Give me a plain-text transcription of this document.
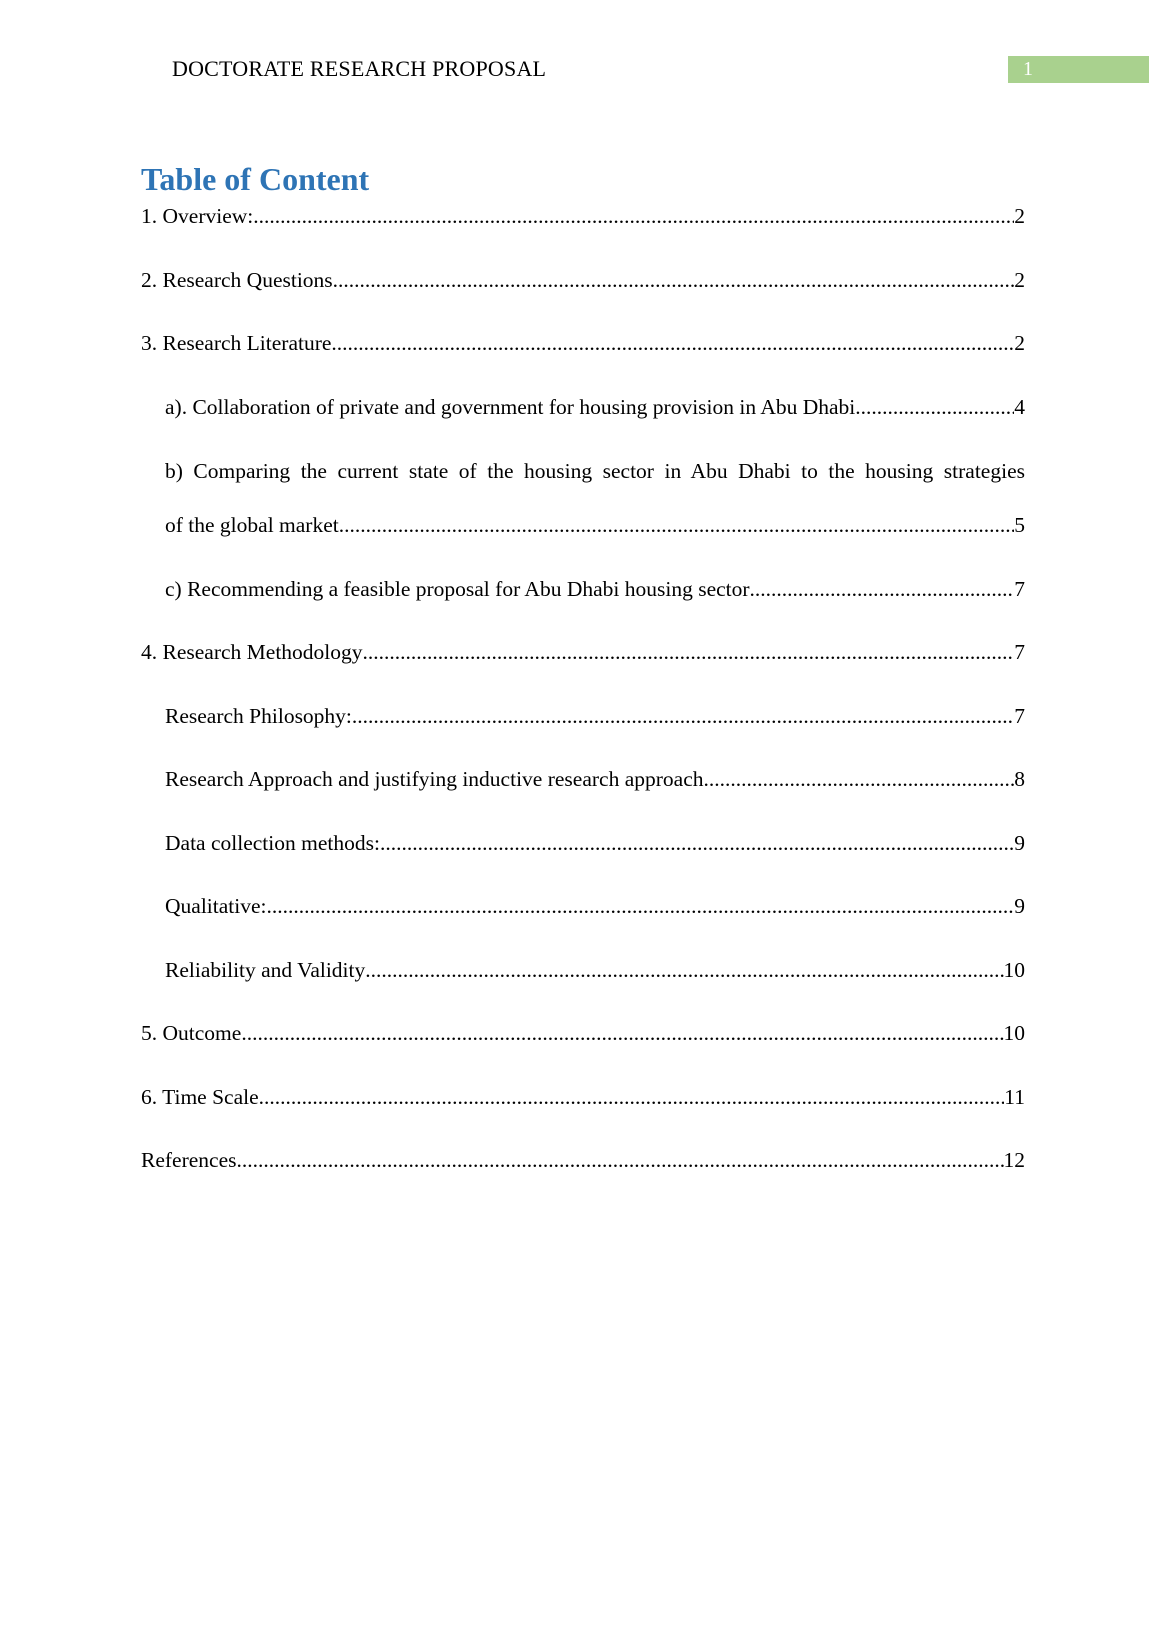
DOCTORATE RESEARCH PROPOSAL	1
Table of Content
1. Overview: .....	2
2. Research Questions .....	2
3. Research Literature .....	2
a). Collaboration of private and government for housing provision in Abu Dhabi .....	4
b) Comparing the current state of the housing sector in Abu Dhabi to the housing strategies
of the global market .....	5
c) Recommending a feasible proposal for Abu Dhabi housing sector .....	7
4. Research Methodology .....	7
Research Philosophy: .....	7
Research Approach and justifying inductive research approach .....	8
Data collection methods: .....	9
Qualitative: .....	9
Reliability and Validity .....	10
5. Outcome .....	10
6. Time Scale .....	11
References .....	12
